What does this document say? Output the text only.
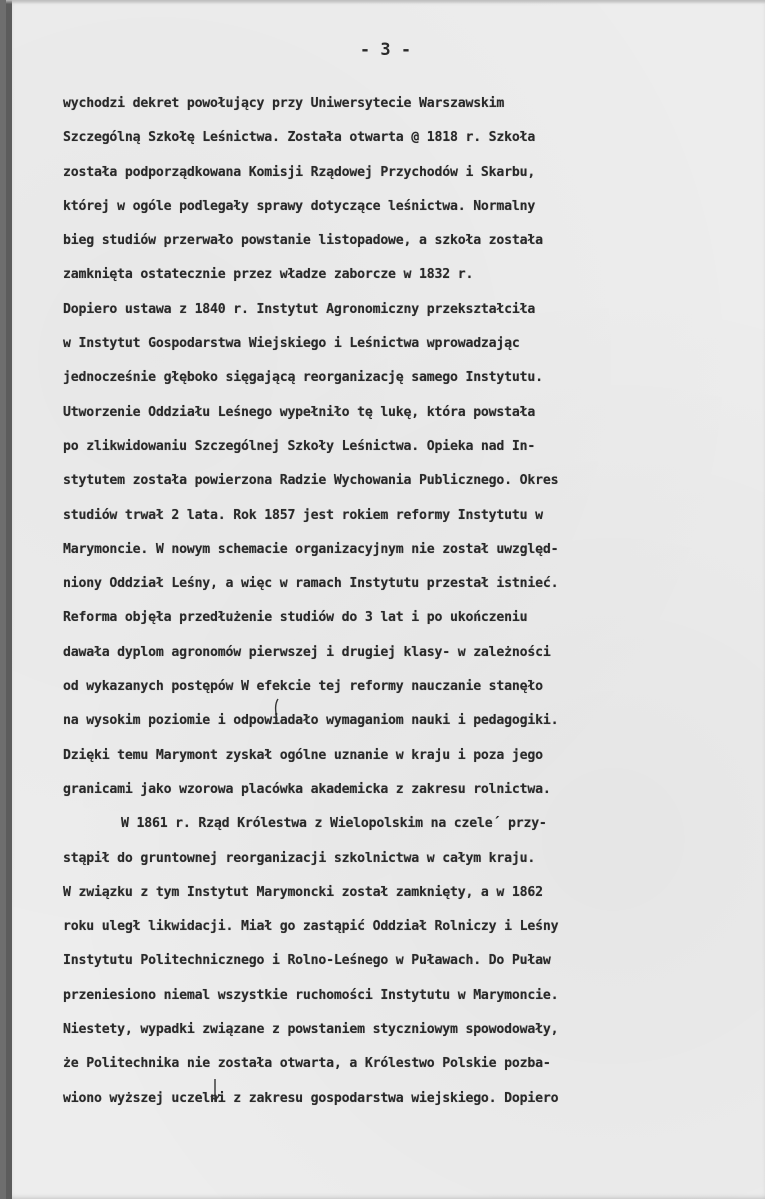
- 3 -
wychodzi dekret powołujący przy Uniwersytecie Warszawskim
Szczególną Szkołę Leśnictwa. Została otwarta @ 1818 r. Szkoła
została podporządkowana Komisji Rządowej Przychodów i Skarbu,
której w ogóle podlegały sprawy dotyczące leśnictwa. Normalny
bieg studiów przerwało powstanie listopadowe, a szkoła została
zamknięta ostatecznie przez władze zaborcze w 1832 r.
Dopiero ustawa z 1840 r. Instytut Agronomiczny przekształciła
w Instytut Gospodarstwa Wiejskiego i Leśnictwa wprowadzając
jednocześnie głęboko sięgającą reorganizację samego Instytutu.
Utworzenie Oddziału Leśnego wypełniło tę lukę, która powstała
po zlikwidowaniu Szczególnej Szkoły Leśnictwa. Opieka nad In-
stytutem została powierzona Radzie Wychowania Publicznego. Okres
studiów trwał 2 lata. Rok 1857 jest rokiem reformy Instytutu w
Marymoncie. W nowym schemacie organizacyjnym nie został uwzględ-
niony Oddział Leśny, a więc w ramach Instytutu przestał istnieć.
Reforma objęła przedłużenie studiów do 3 lat i po ukończeniu
dawała dyplom agronomów pierwszej i drugiej klasy- w zależności
od wykazanych postępów W efekcie tej reformy nauczanie stanęło
na wysokim poziomie i odpowiadało wymaganiom nauki i pedagogiki.
Dzięki temu Marymont zyskał ogólne uznanie w kraju i poza jego
granicami jako wzorowa placówka akademicka z zakresu rolnictwa.
W 1861 r. Rząd Królestwa z Wielopolskim na czele´ przy-
stąpił do gruntownej reorganizacji szkolnictwa w całym kraju.
W związku z tym Instytut Marymoncki został zamknięty, a w 1862
roku uległ likwidacji. Miał go zastąpić Oddział Rolniczy i Leśny
Instytutu Politechnicznego i Rolno-Leśnego w Puławach. Do Puław
przeniesiono niemal wszystkie ruchomości Instytutu w Marymoncie.
Niestety, wypadki związane z powstaniem styczniowym spowodowały,
że Politechnika nie została otwarta, a Królestwo Polskie pozba-
wiono wyższej uczelni z zakresu gospodarstwa wiejskiego. Dopiero
